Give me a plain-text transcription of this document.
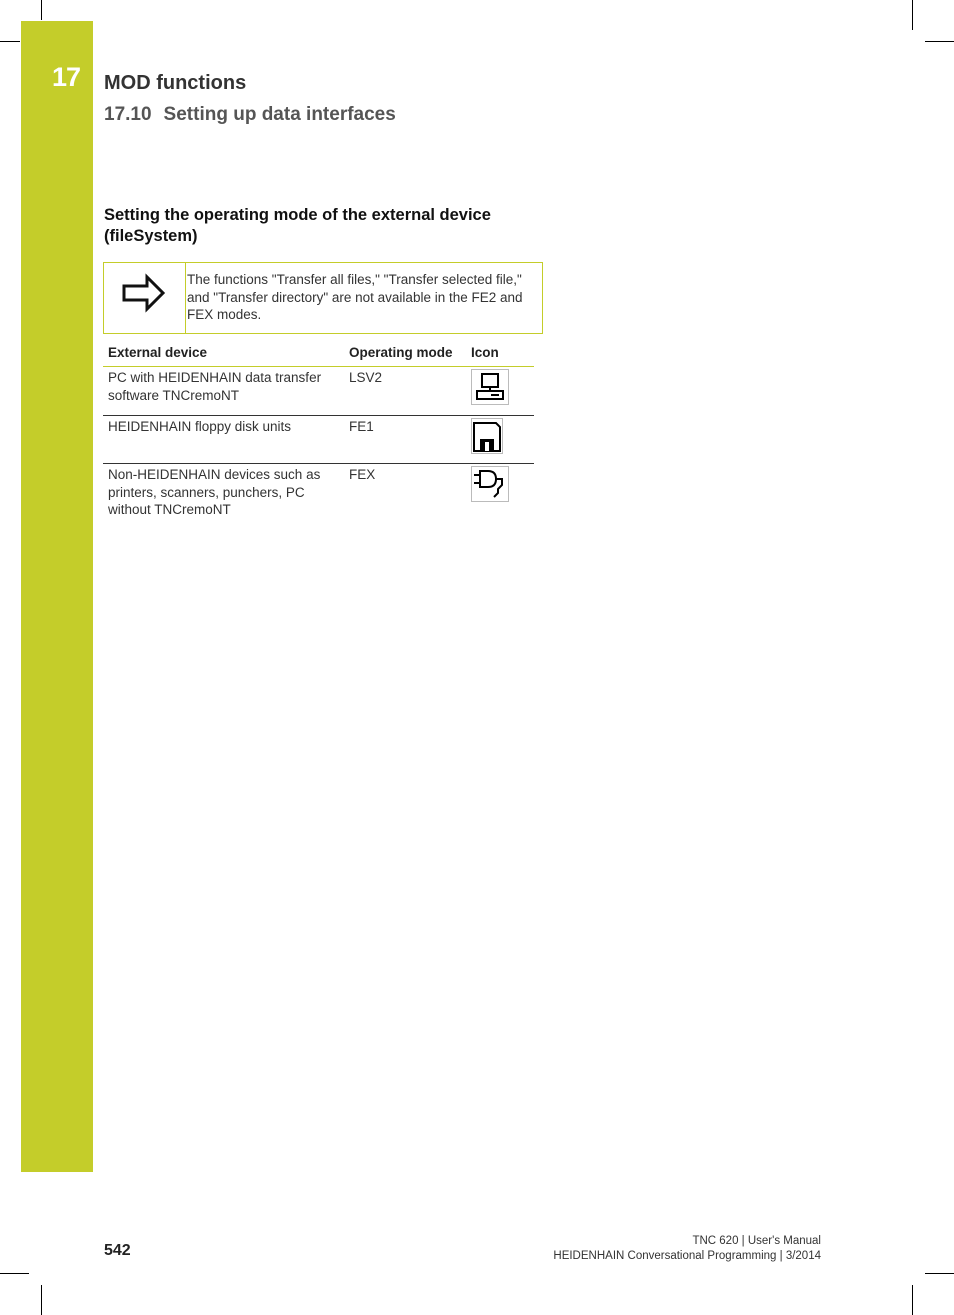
17 MOD functions
17.10 Setting up data interfaces
Setting the operating mode of the external device (fileSystem)
The functions "Transfer all files," "Transfer selected file," and "Transfer directory" are not available in the FE2 and FEX modes.
External device	Operating mode	Icon
PC with HEIDENHAIN data transfer software TNCremoNT	LSV2	
HEIDENHAIN floppy disk units	FE1	
Non-HEIDENHAIN devices such as printers, scanners, punchers, PC without TNCremoNT	FEX	
542
TNC 620 | User's Manual
HEIDENHAIN Conversational Programming | 3/2014
